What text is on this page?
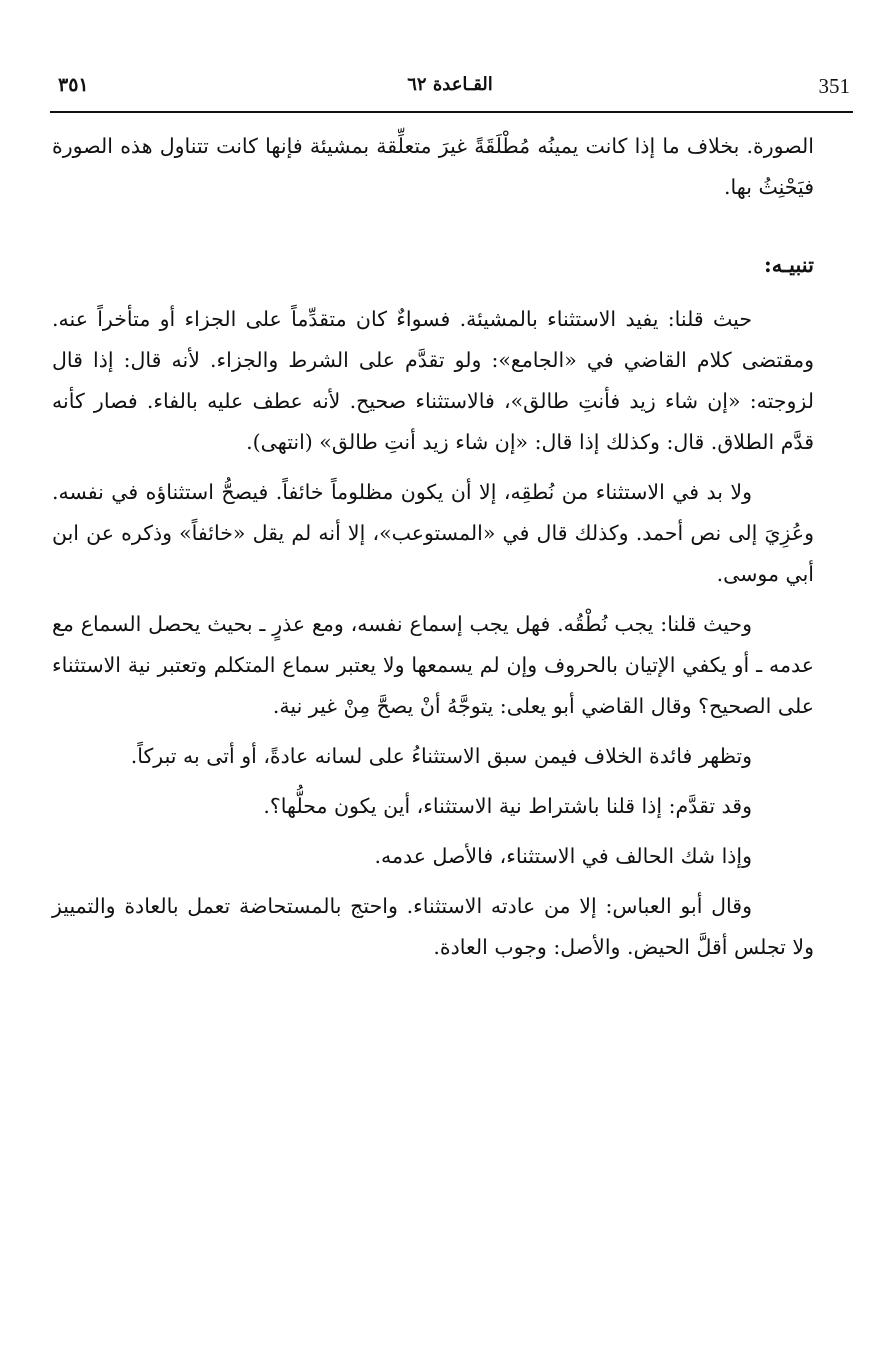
351
القـاعدة ٦٢
٣٥١

الصورة. بخلاف ما إذا كانت يمينُه مُطْلَقَةً غيرَ متعلِّقة بمشيئة فإنها كانت تتناول هذه الصورة فيَحْنِثُ بها.

تنبيـه:

حيث قلنا: يفيد الاستثناء بالمشيئة. فسواءٌ كان متقدِّماً على الجزاء أو متأخراً عنه. ومقتضى كلام القاضي في «الجامع»: ولو تقدَّم على الشرط والجزاء. لأنه قال: إذا قال لزوجته: «إن شاء زيد فأنتِ طالق»، فالاستثناء صحيح. لأنه عطف عليه بالفاء. فصار كأنه قدَّم الطلاق. قال: وكذلك إذا قال: «إن شاء زيد أنتِ طالق» (انتهى).

ولا بد في الاستثناء من نُطقِه، إلا أن يكون مظلوماً خائفاً. فيصحُّ استثناؤه في نفسه. وعُزِيَ إلى نص أحمد. وكذلك قال في «المستوعب»، إلا أنه لم يقل «خائفاً» وذكره عن ابن أبي موسى.

وحيث قلنا: يجب نُطْقُه. فهل يجب إسماع نفسه، ومع عذرٍ ـ بحيث يحصل السماع مع عدمه ـ أو يكفي الإتيان بالحروف وإن لم يسمعها ولا يعتبر سماع المتكلم وتعتبر نية الاستثناء على الصحيح؟ وقال القاضي أبو يعلى: يتوجَّهُ أنْ يصحَّ مِنْ غير نية.

وتظهر فائدة الخلاف فيمن سبق الاستثناءُ على لسانه عادةً، أو أتى به تبركاً.

وقد تقدَّم: إذا قلنا باشتراط نية الاستثناء، أين يكون محلُّها؟.

وإذا شك الحالف في الاستثناء، فالأصل عدمه.

وقال أبو العباس: إلا من عادته الاستثناء. واحتج بالمستحاضة تعمل بالعادة والتمييز ولا تجلس أقلَّ الحيض. والأصل: وجوب العادة.
